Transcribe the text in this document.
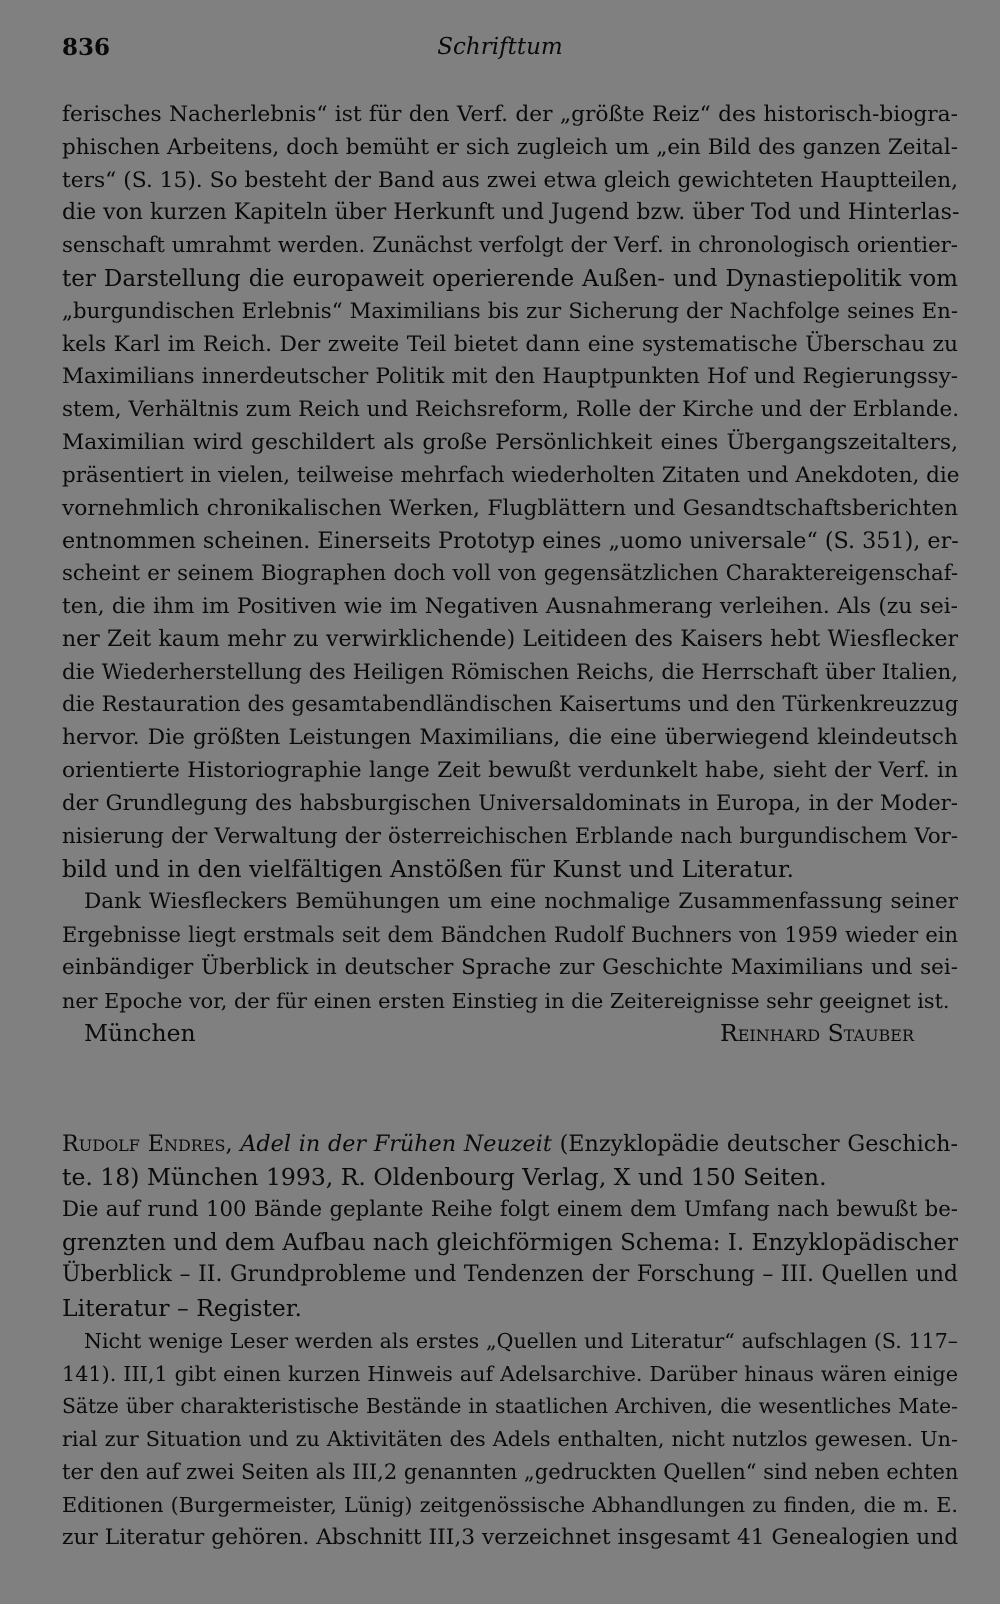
836	Schrifttum

ferisches Nacherlebnis“ ist für den Verf. der „größte Reiz“ des historisch-biogra-
phischen Arbeitens, doch bemüht er sich zugleich um „ein Bild des ganzen Zeital-
ters“ (S. 15). So besteht der Band aus zwei etwa gleich gewichteten Hauptteilen,
die von kurzen Kapiteln über Herkunft und Jugend bzw. über Tod und Hinterlas-
senschaft umrahmt werden. Zunächst verfolgt der Verf. in chronologisch orientier-
ter Darstellung die europaweit operierende Außen- und Dynastiepolitik vom
„burgundischen Erlebnis“ Maximilians bis zur Sicherung der Nachfolge seines En-
kels Karl im Reich. Der zweite Teil bietet dann eine systematische Überschau zu
Maximilians innerdeutscher Politik mit den Hauptpunkten Hof und Regierungssy-
stem, Verhältnis zum Reich und Reichsreform, Rolle der Kirche und der Erblande.
Maximilian wird geschildert als große Persönlichkeit eines Übergangszeitalters,
präsentiert in vielen, teilweise mehrfach wiederholten Zitaten und Anekdoten, die
vornehmlich chronikalischen Werken, Flugblättern und Gesandtschaftsberichten
entnommen scheinen. Einerseits Prototyp eines „uomo universale“ (S. 351), er-
scheint er seinem Biographen doch voll von gegensätzlichen Charaktereigenschaf-
ten, die ihm im Positiven wie im Negativen Ausnahmerang verleihen. Als (zu sei-
ner Zeit kaum mehr zu verwirklichende) Leitideen des Kaisers hebt Wiesflecker
die Wiederherstellung des Heiligen Römischen Reichs, die Herrschaft über Italien,
die Restauration des gesamtabendländischen Kaisertums und den Türkenkreuzzug
hervor. Die größten Leistungen Maximilians, die eine überwiegend kleindeutsch
orientierte Historiographie lange Zeit bewußt verdunkelt habe, sieht der Verf. in
der Grundlegung des habsburgischen Universaldominats in Europa, in der Moder-
nisierung der Verwaltung der österreichischen Erblande nach burgundischem Vor-
bild und in den vielfältigen Anstößen für Kunst und Literatur.

Dank Wiesfleckers Bemühungen um eine nochmalige Zusammenfassung seiner
Ergebnisse liegt erstmals seit dem Bändchen Rudolf Buchners von 1959 wieder ein
einbändiger Überblick in deutscher Sprache zur Geschichte Maximilians und sei-
ner Epoche vor, der für einen ersten Einstieg in die Zeitereignisse sehr geeignet ist.

München	Reinhard Stauber

Rudolf Endres, Adel in der Frühen Neuzeit (Enzyklopädie deutscher Geschich-
te. 18) München 1993, R. Oldenbourg Verlag, X und 150 Seiten.

Die auf rund 100 Bände geplante Reihe folgt einem dem Umfang nach bewußt be-
grenzten und dem Aufbau nach gleichförmigen Schema: I. Enzyklopädischer
Überblick – II. Grundprobleme und Tendenzen der Forschung – III. Quellen und
Literatur – Register.

Nicht wenige Leser werden als erstes „Quellen und Literatur“ aufschlagen (S. 117–
141). III,1 gibt einen kurzen Hinweis auf Adelsarchive. Darüber hinaus wären einige
Sätze über charakteristische Bestände in staatlichen Archiven, die wesentliches Mate-
rial zur Situation und zu Aktivitäten des Adels enthalten, nicht nutzlos gewesen. Un-
ter den auf zwei Seiten als III,2 genannten „gedruckten Quellen“ sind neben echten
Editionen (Burgermeister, Lünig) zeitgenössische Abhandlungen zu finden, die m. E.
zur Literatur gehören. Abschnitt III,3 verzeichnet insgesamt 41 Genealogien und
